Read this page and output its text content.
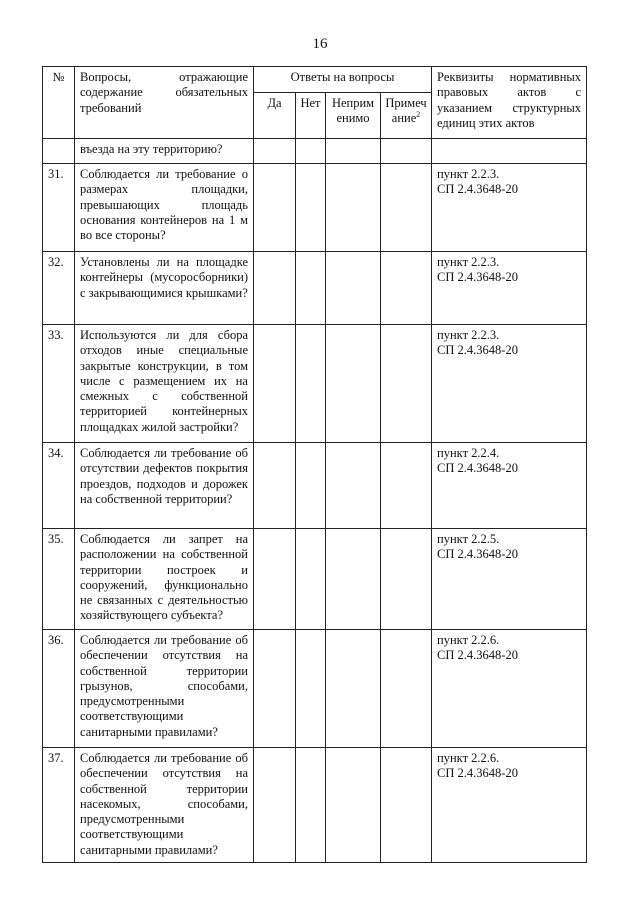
16
№	Вопросы, отражающие содержание обязательных требований	Ответы на вопросы				Реквизиты нормативных правовых актов с указанием структурных единиц этих актов
		Да	Нет	Неприм енимо	Примеч ание$^2$
	въезда на эту территорию?					

31.	Соблюдается ли требование о размерах площадки, превышающих площадь основания контейнеров на 1 м во все стороны?					пункт 2.2.3.
СП 2.4.3648-20

32.	Установлены ли на площадке контейнеры (мусоросборники) с закрывающимися крышками?					пункт 2.2.3.
СП 2.4.3648-20

33.	Используются ли для сбора отходов иные специальные закрытые конструкции, в том числе с размещением их на смежных с собственной территорией контейнерных площадках жилой застройки?					пункт 2.2.3.
СП 2.4.3648-20

34.	Соблюдается ли требование об отсутствии дефектов покрытия проездов, подходов и дорожек на собственной территории?					пункт 2.2.4.
СП 2.4.3648-20

35.	Соблюдается ли запрет на расположении на собственной территории построек и сооружений, функционально не связанных с деятельностью хозяйствующего субъекта?					пункт 2.2.5.
СП 2.4.3648-20

36.	Соблюдается ли требование об обеспечении отсутствия на собственной территории грызунов, способами, предусмотренными соответствующими санитарными правилами?					пункт 2.2.6.
СП 2.4.3648-20

37.	Соблюдается ли требование об обеспечении отсутствия на собственной территории насекомых, способами, предусмотренными соответствующими санитарными правилами?					пункт 2.2.6.
СП 2.4.3648-20
